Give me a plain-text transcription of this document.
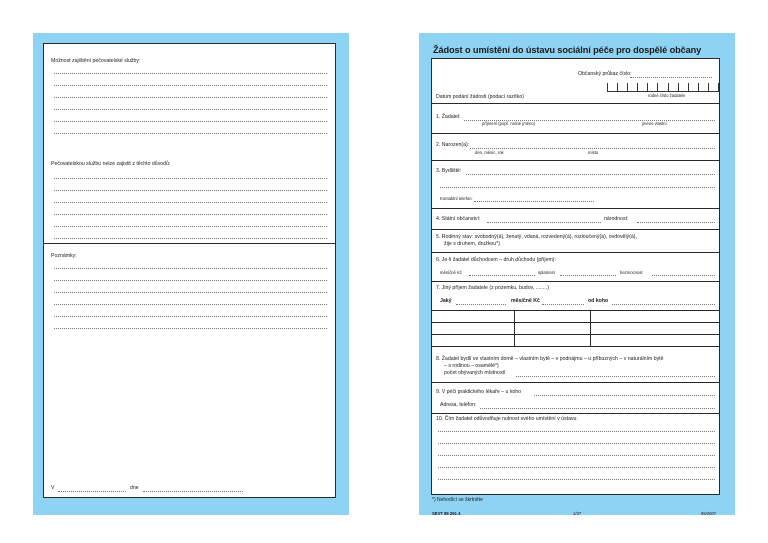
Možnost zajištění pečovatelské služby:
Pečovatelskou službu nelze zajistit z těchto důvodů:
Poznámky:
V	dne
Žádost o umístění do ústavu sociální péče pro dospělé občany
Občanský průkaz číslo:
rodné číslo žadatele
Datum podání žádosti (podací razítko)
1. Žadatel:
příjmení (popř. rodné jméno)	jméno vlastní
2. Narozen(a):
den, měsíc, rok	místo
3. Bydliště:
Kontaktní telefon:
4. Státní občanství:	národnost:
5. Rodinný stav: svobodný(á), ženatý, vdaná, rozvedený(á), rozloučený(á), ovdovělý(á),
žije s druhem, družkou*)
6. Je-li žadatel důchodcem – druh důchodu (příjem):
měsíčně Kč	splatnost	bezmocnost
7. Jiný příjem žadatele (z pozemku, budov, ........)
Jaký	měsíčně Kč	od koho
8. Žadatel bydlí ve vlastním domě – vlastním bytě – v podnájmu – u příbuzných – v naturálním bytě
– s rodinou – osamělé*)
počet obývaných místností
9. V péči praktického lékaře – u koho
Adresa, telefon:
10. Čím žadatel odůvodňuje nutnost svého umístění v ústavu:
*) Nehodící se škrtněte
SEVT 89 261 4	1/37	95/2007
